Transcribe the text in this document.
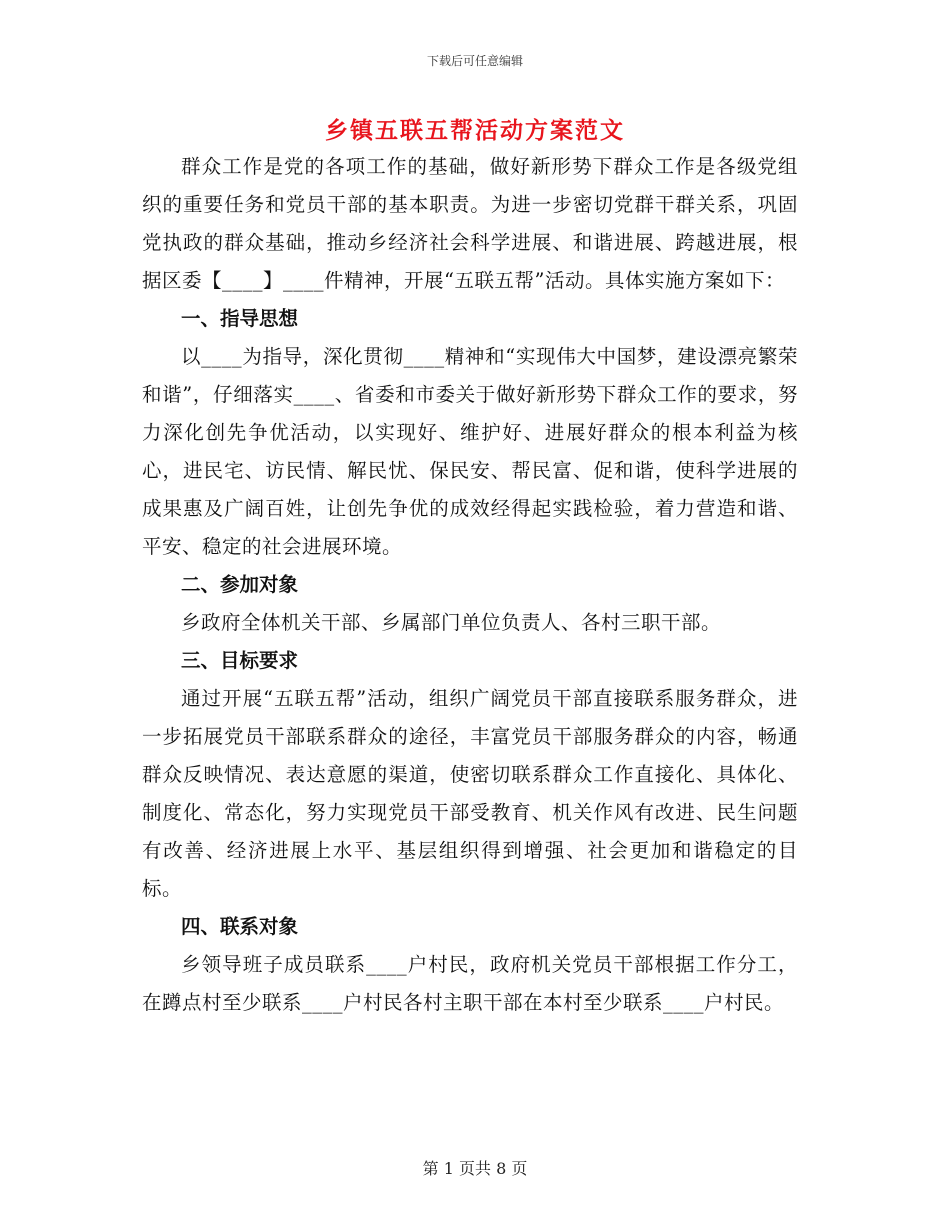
下载后可任意编辑
乡镇五联五帮活动方案范文

群众工作是党的各项工作的基础，做好新形势下群众工作是各级党组织的重要任务和党员干部的基本职责。为进一步密切党群干群关系，巩固党执政的群众基础，推动乡经济社会科学进展、和谐进展、跨越进展，根据区委【____】____件精神，开展“五联五帮”活动。具体实施方案如下：

一、指导思想

以____为指导，深化贯彻____精神和“实现伟大中国梦，建设漂亮繁荣和谐”，仔细落实____、省委和市委关于做好新形势下群众工作的要求，努力深化创先争优活动，以实现好、维护好、进展好群众的根本利益为核心，进民宅、访民情、解民忧、保民安、帮民富、促和谐，使科学进展的成果惠及广阔百姓，让创先争优的成效经得起实践检验，着力营造和谐、平安、稳定的社会进展环境。

二、参加对象

乡政府全体机关干部、乡属部门单位负责人、各村三职干部。

三、目标要求

通过开展“五联五帮”活动，组织广阔党员干部直接联系服务群众，进一步拓展党员干部联系群众的途径，丰富党员干部服务群众的内容，畅通群众反映情况、表达意愿的渠道，使密切联系群众工作直接化、具体化、制度化、常态化，努力实现党员干部受教育、机关作风有改进、民生问题有改善、经济进展上水平、基层组织得到增强、社会更加和谐稳定的目标。

四、联系对象

乡领导班子成员联系____户村民，政府机关党员干部根据工作分工，在蹲点村至少联系____户村民各村主职干部在本村至少联系____户村民。

第 1 页共 8 页
